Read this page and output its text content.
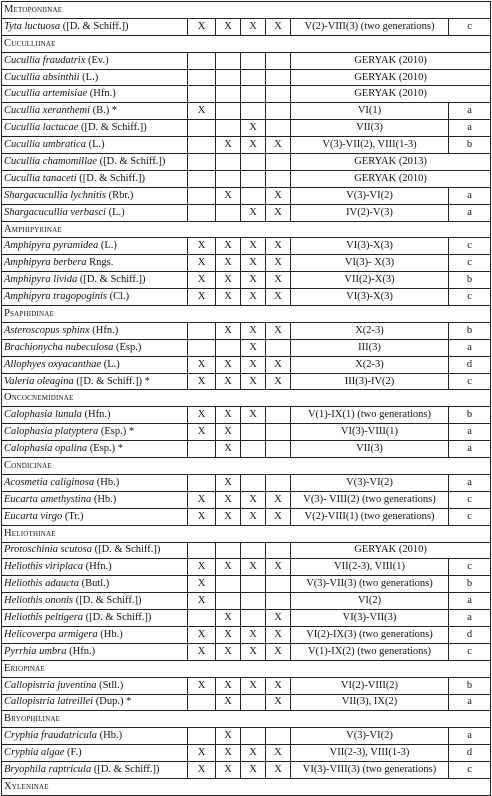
Metoponiinae						
Tyta luctuosa ([D. & Schiff.])	X	X	X	X	V(2)-VIII(3) (two generations)	c
Cuculliinae						
Cucullia fraudatrix (Ev.)					GERYAK (2010)	
Cucullia absinthii (L.)					GERYAK (2010)	
Cucullia artemisiae (Hfn.)					GERYAK (2010)	
Cucullia xeranthemi (B.) *	X				VI(1)	a
Cucullia lactucae ([D. & Schiff.])			X		VII(3)	a
Cucullia umbratica (L.)		X	X	X	V(3)-VII(2), VIII(1-3)	b
Cucullia chamomillae ([D. & Schiff.])					GERYAK (2013)	
Cucullia tanaceti ([D. & Schiff.])					GERYAK (2010)	
Shargacucullia lychnitis (Rbr.)		X		X	V(3)-VI(2)	a
Shargacucullia verbasci (L.)			X	X	IV(2)-V(3)	a
Amphipyrinae						
Amphipyra pyramidea (L.)	X	X	X	X	VI(3)-X(3)	c
Amphipyra berbera Rngs.	X	X	X	X	VI(3)- X(3)	c
Amphipyra livida ([D. & Schiff.])	X	X	X	X	VII(2)-X(3)	b
Amphipyra tragopoginis (Cl.)	X	X	X	X	VI(3)-X(3)	c
Psaphidinae						
Asteroscopus sphinx (Hfn.)		X	X	X	X(2-3)	b
Brachionycha nubeculosa (Esp.)			X		III(3)	a
Allophyes oxyacanthae (L.)	X	X	X	X	X(2-3)	d
Valeria oleagina ([D. & Schiff.]) *	X	X	X	X	III(3)-IV(2)	c
Oncocnemidinae						
Calophasia lunula (Hfn.)	X	X	X		V(1)-IX(1) (two generations)	b
Calophasia platyptera (Esp.) *	X	X			VI(3)-VIII(1)	a
Calophasia opalina (Esp.) *		X			VII(3)	a
Condicinae						
Acosmetia caliginosa (Hb.)		X			V(3)-VI(2)	a
Eucarta amethystina (Hb.)	X	X	X	X	V(3)- VIII(2) (two generations)	c
Eucarta virgo (Tr.)	X	X	X	X	V(2)-VIII(1) (two generations)	c
Heliothinae						
Protoschinia scutosa ([D. & Schiff.])					GERYAK (2010)	
Heliothis viriplaca (Hfn.)	X	X	X	X	VII(2-3), VIII(1)	c
Heliothis adaucta (Butl.)	X				V(3)-VII(3) (two generations)	b
Heliothis ononis ([D. & Schiff.])	X				VI(2)	a
Heliothis peltigera ([D. & Schiff.])		X		X	VI(3)-VII(3)	a
Helicoverpa armigera (Hb.)	X	X	X	X	VI(2)-IX(3) (two generations)	d
Pyrrhia umbra (Hfn.)	X	X	X	X	V(1)-IX(2) (two generations)	c
Eriopinae						
Callopistria juventina (Stll.)	X	X	X	X	VI(2)-VIII(2)	b
Callopistria latreillei (Dup.) *		X		X	VII(3), IX(2)	a
Bryophilinae						
Cryphia fraudatricula (Hb.)		X			V(3)-VI(2)	a
Cryphia algae (F.)	X	X	X	X	VII(2-3), VIII(1-3)	d
Bryophila raptricula ([D. & Schiff.])	X	X	X	X	VI(3)-VIII(3) (two generations)	c
Xyleninae						
